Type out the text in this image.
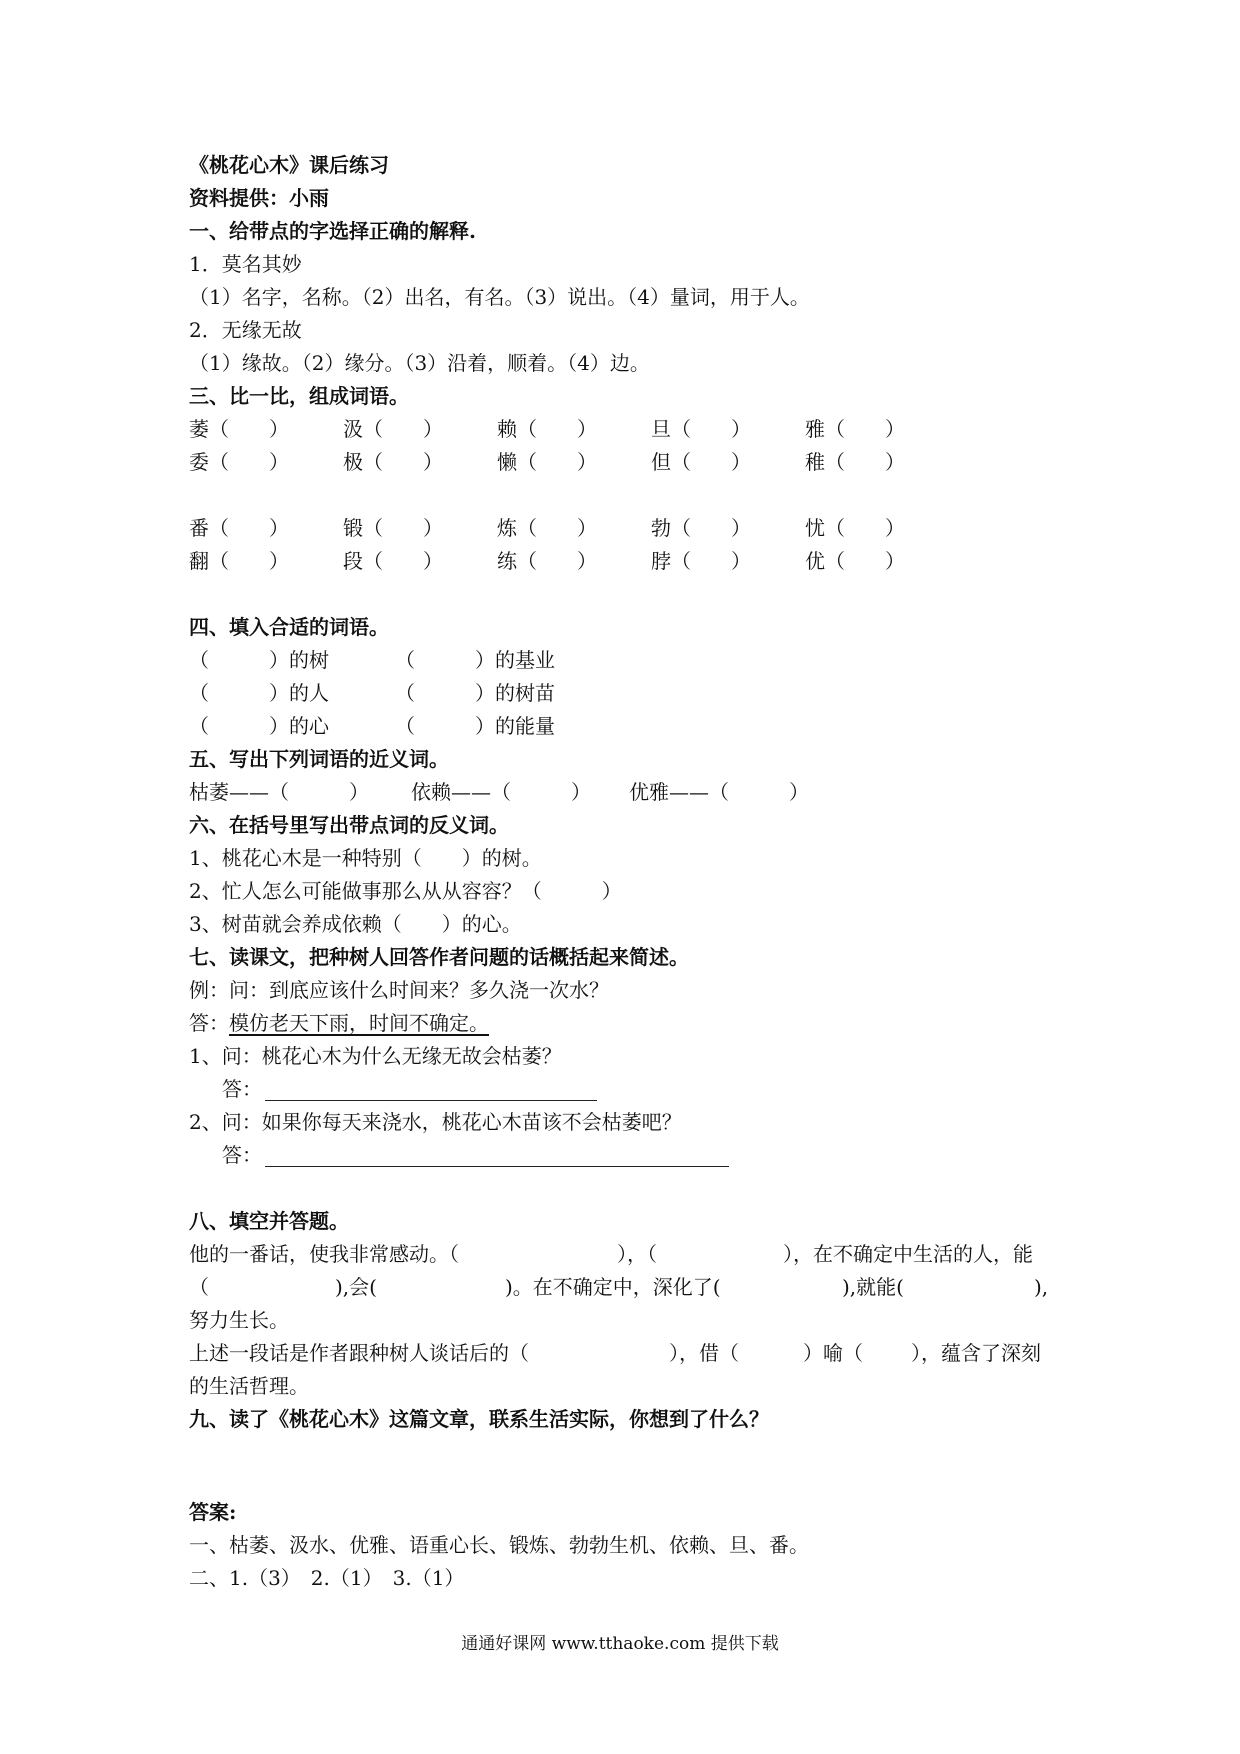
《桃花心木》课后练习
资料提供：小雨
一、给带点的字选择正确的解释.
1．莫名其妙
（1）名字，名称。（2）出名，有名。（3）说出。（4）量词，用于人。
2．无缘无故
（1）缘故。（2）缘分。（3）沿着，顺着。（4）边。
三、比一比，组成词语。
萎（　　）	汲（　　）	赖（　　）	旦（　　）	雅（　　）
委（　　）	极（　　）	懒（　　）	但（　　）	稚（　　）
番（　　）	锻（　　）	炼（　　）	勃（　　）	忧（　　）
翻（　　）	段（　　）	练（　　）	脖（　　）	优（　　）
四、填入合适的词语。
（　　　）的树	（　　　）的基业
（　　　）的人	（　　　）的树苗
（　　　）的心	（　　　）的能量
五、写出下列词语的近义词。
枯萎——（　　　） 依赖——（　　　） 优雅——（　　　）
六、在括号里写出带点词的反义词。
1、桃花心木是一种特别（　　）的树。
2、忙人怎么可能做事那么从从容容？（　　　）
3、树苗就会养成依赖（　　）的心。
七、读课文，把种树人回答作者问题的话概括起来简述。
例：问：到底应该什么时间来？多久浇一次水？
答：模仿老天下雨，时间不确定。
1、问：桃花心木为什么无缘无故会枯萎？
答：
2、问：如果你每天来浇水，桃花心木苗该不会枯萎吧？
答：
八、填空并答题。
他的一番话，使我非常感动。（	），（	），在不确定中生活的人，能
（	),会(	)。在不确定中，深化了(	),就能(	),
努力生长。
上述一段话是作者跟种树人谈话后的（	），借（	）喻（ ），蕴含了深刻
的生活哲理。
九、读了《桃花心木》这篇文章，联系生活实际，你想到了什么？
答案:
一、枯萎、汲水、优雅、语重心长、锻炼、勃勃生机、依赖、旦、番。
二、1.（3）　2.（1）　3.（1）
通通好课网 www.tthaoke.com 提供下载
